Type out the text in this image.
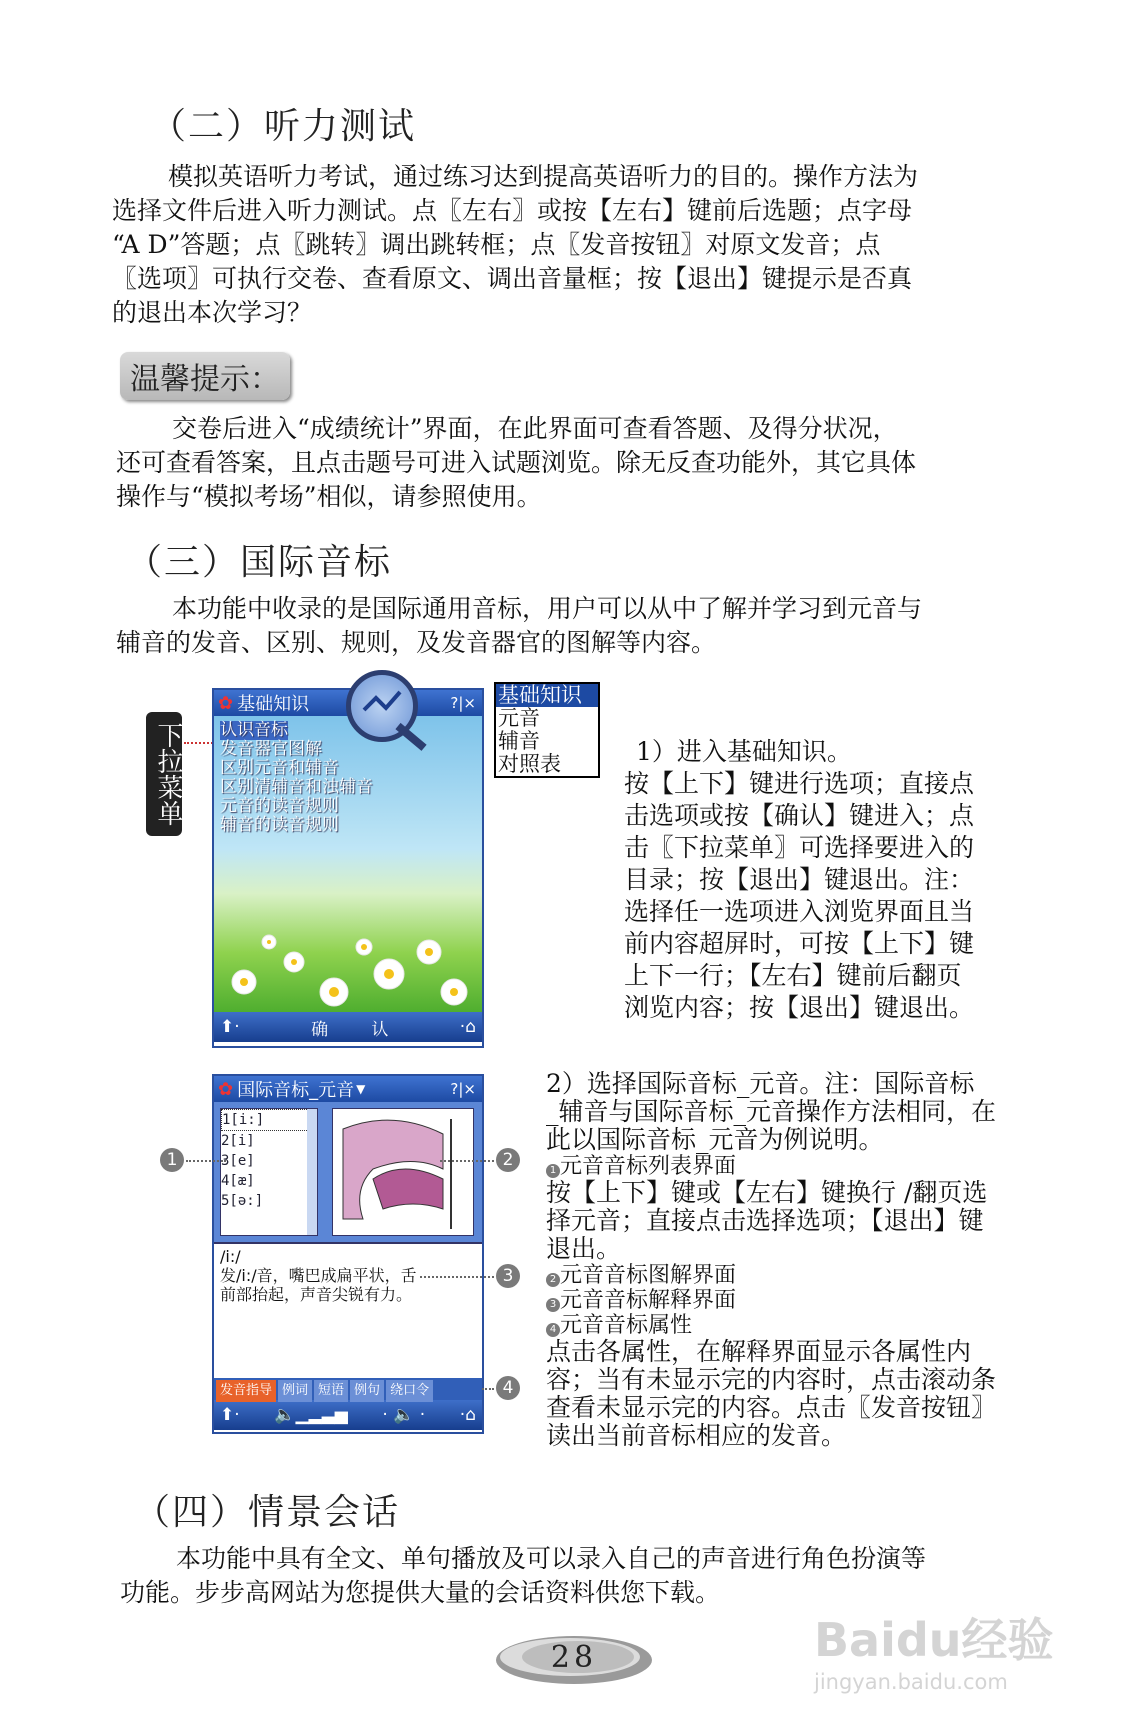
（二）听力测试
模拟英语听力考试，通过练习达到提高英语听力的目的。操作方法为
选择文件后进入听力测试。点〖左右〗或按【左右】键前后选题；点字母
“A D”答题；点〖跳转〗调出跳转框；点〖发音按钮〗对原文发音；点
〖选项〗可执行交卷、查看原文、调出音量框；按【退出】键提示是否真
的退出本次学习？
温馨提示：
交卷后进入“成绩统计”界面，在此界面可查看答题、及得分状况，
还可查看答案，且点击题号可进入试题浏览。除无反查功能外，其它具体
操作与“模拟考场”相似，请参照使用。
（三）国际音标
本功能中收录的是国际通用音标，用户可以从中了解并学习到元音与
辅音的发音、区别、规则，及发音器官的图解等内容。
下拉菜单
✿ 基础知识	?|×
认识音标
发音器官图解
区别元音和辅音
区别清辅音和浊辅音
元音的读音规则
辅音的读音规则
⬆·	确	认	·⌂
基础知识
元音
辅音
对照表	1）进入基础知识。
按【上下】键进行选项；直接点
击选项或按【确认】键进入；点
击〖下拉菜单〗可选择要进入的
目录；按【退出】键退出。注：
选择任一选项进入浏览界面且当
前内容超屏时，可按【上下】键
上下一行；【左右】键前后翻页
浏览内容；按【退出】键退出。
✿ 国际音标_元音 ▼	?|×
1[i:]
2[i]
3[e]
4[æ]
5[ə:]
/i:/
发/i:/音，嘴巴成扁平状，舌
前部抬起，声音尖锐有力。
发音指导 例词 短语 例句 绕口令
⬆· 🔈▁▂▃▅ · 🔈 · ·⌂
1	2
3
4
2）选择国际音标_元音。注：国际音标
_辅音与国际音标_元音操作方法相同，在
此以国际音标_元音为例说明。
1 元音音标列表界面
按【上下】键或【左右】键换行 /翻页选
择元音；直接点击选择选项；【退出】键
退出。
2 元音音标图解界面
3 元音音标解释界面
4 元音音标属性
点击各属性，在解释界面显示各属性内
容；当有未显示完的内容时，点击滚动条
查看未显示完的内容。点击〖发音按钮〗
读出当前音标相应的发音。
（四）情景会话
本功能中具有全文、单句播放及可以录入自己的声音进行角色扮演等
功能。步步高网站为您提供大量的会话资料供您下载。
28	Baidu经验
jingyan.baidu.com
